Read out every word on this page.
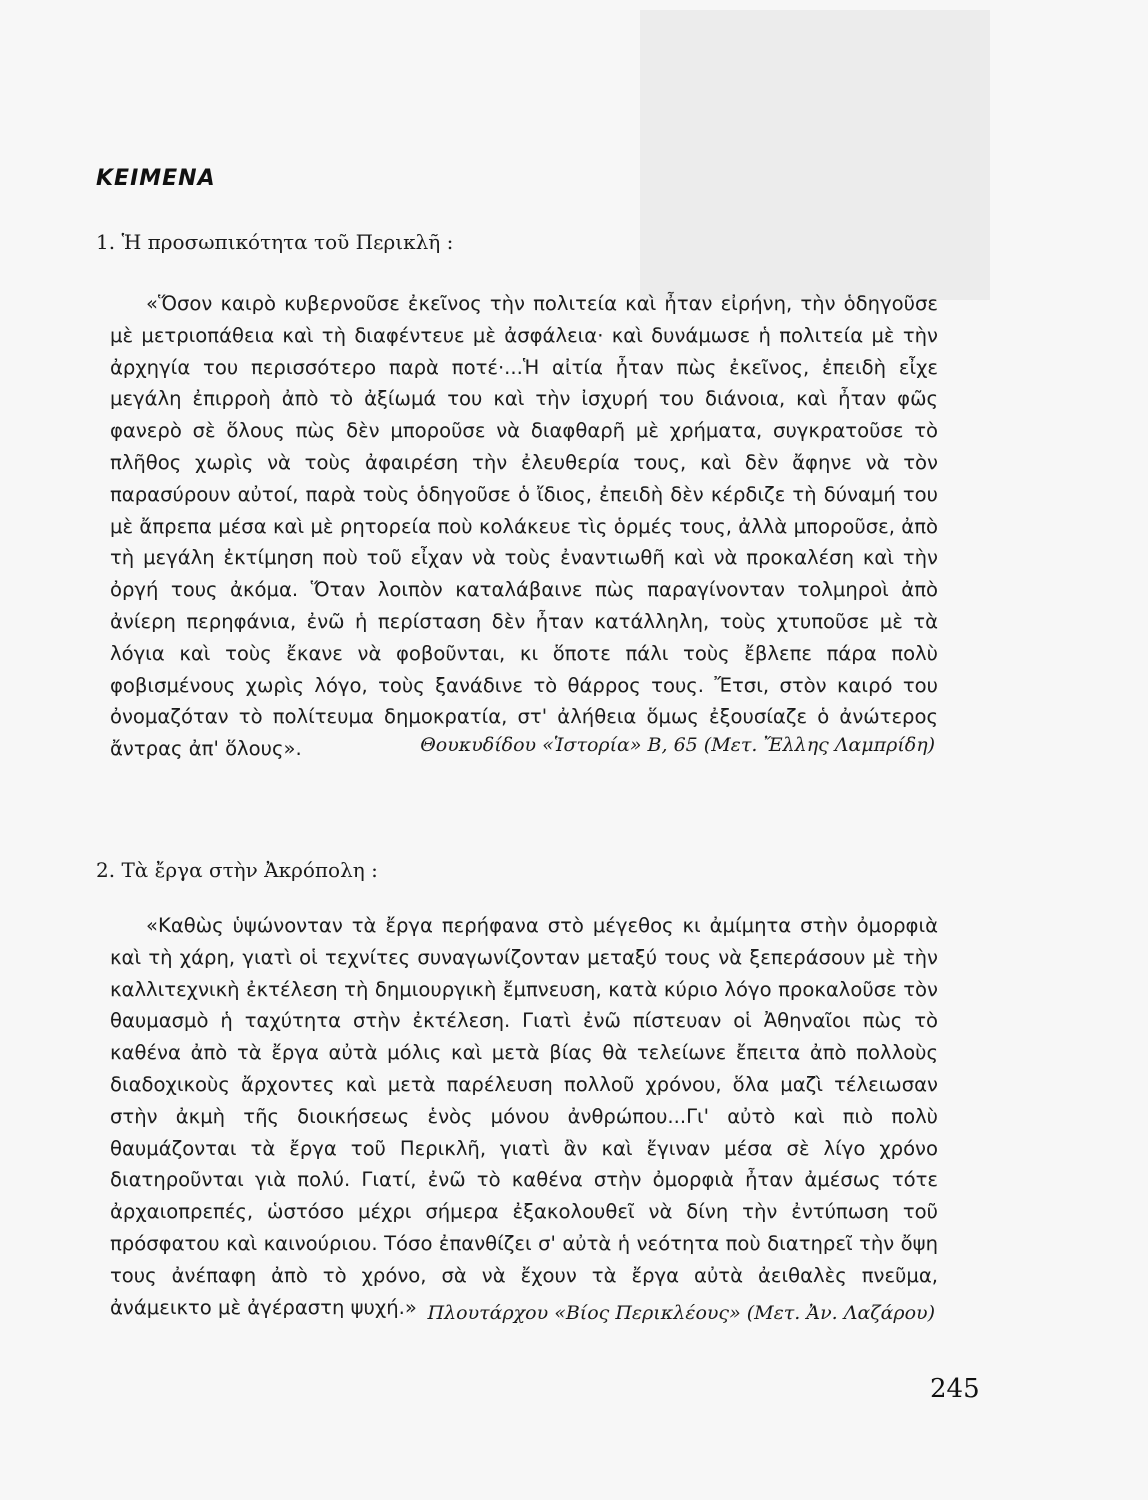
KEIMENA
1. Ἡ προσωπικότητα τοῦ Περικλῆ :

«Ὅσον καιρὸ κυβερνοῦσε ἐκεῖνος τὴν πολιτεία καὶ ἦταν εἰρήνη, τὴν ὁδηγοῦσε μὲ μετριοπάθεια καὶ τὴ διαφέντευε μὲ ἀσφάλεια· καὶ δυνάμωσε ἡ πολιτεία μὲ τὴν ἀρχηγία του περισσότερο παρὰ ποτέ·...Ἡ αἰτία ἦταν πὼς ἐκεῖνος, ἐπειδὴ εἶχε μεγάλη ἐπιρροὴ ἀπὸ τὸ ἀξίωμά του καὶ τὴν ἰσχυρή του διάνοια, καὶ ἦταν φῶς φανερὸ σὲ ὅλους πὼς δὲν μποροῦσε νὰ διαφθαρῆ μὲ χρήματα, συγκρατοῦσε τὸ πλῆθος χωρὶς νὰ τοὺς ἀφαιρέση τὴν ἐλευθερία τους, καὶ δὲν ἄφηνε νὰ τὸν παρασύρουν αὐτοί, παρὰ τοὺς ὁδηγοῦσε ὁ ἴδιος, ἐπειδὴ δὲν κέρδιζε τὴ δύναμή του μὲ ἄπρεπα μέσα καὶ μὲ ρητορεία ποὺ κολάκευε τὶς ὁρμές τους, ἀλλὰ μποροῦσε, ἀπὸ τὴ μεγάλη ἐκτίμηση ποὺ τοῦ εἶχαν νὰ τοὺς ἐναντιωθῆ καὶ νὰ προκαλέση καὶ τὴν ὀργή τους ἀκόμα. Ὅταν λοιπὸν καταλάβαινε πὼς παραγίνονταν τολμηροὶ ἀπὸ ἀνίερη περηφάνια, ἐνῶ ἡ περίσταση δὲν ἦταν κατάλληλη, τοὺς χτυποῦσε μὲ τὰ λόγια καὶ τοὺς ἔκανε νὰ φοβοῦνται, κι ὅποτε πάλι τοὺς ἔβλεπε πάρα πολὺ φοβισμένους χωρὶς λόγο, τοὺς ξανάδινε τὸ θάρρος τους. Ἔτσι, στὸν καιρό του ὀνομαζόταν τὸ πολίτευμα δημοκρατία, στ' ἀλήθεια ὅμως ἐξουσίαζε ὁ ἀνώτερος ἄντρας ἀπ' ὅλους».	Θουκυδίδου «Ἱστορία» Β, 65 (Μετ. Ἔλλης Λαμπρίδη)
2. Τὰ ἔργα στὴν Ἀκρόπολη :

«Καθὼς ὑψώνονταν τὰ ἔργα περήφανα στὸ μέγεθος κι ἀμίμητα στὴν ὀμορφιὰ καὶ τὴ χάρη, γιατὶ οἱ τεχνίτες συναγωνίζονταν μεταξύ τους νὰ ξεπεράσουν μὲ τὴν καλλιτεχνικὴ ἐκτέλεση τὴ δημιουργικὴ ἔμπνευση, κατὰ κύριο λόγο προκαλοῦσε τὸν θαυμασμὸ ἡ ταχύτητα στὴν ἐκτέλεση. Γιατὶ ἐνῶ πίστευαν οἱ Ἀθηναῖοι πὼς τὸ καθένα ἀπὸ τὰ ἔργα αὐτὰ μόλις καὶ μετὰ βίας θὰ τελείωνε ἔπειτα ἀπὸ πολλοὺς διαδοχικοὺς ἄρχοντες καὶ μετὰ παρέλευση πολλοῦ χρόνου, ὅλα μαζὶ τέλειωσαν στὴν ἀκμὴ τῆς διοικήσεως ἑνὸς μόνου ἀνθρώπου...Γι' αὐτὸ καὶ πιὸ πολὺ θαυμάζονται τὰ ἔργα τοῦ Περικλῆ, γιατὶ ἂν καὶ ἔγιναν μέσα σὲ λίγο χρόνο διατηροῦνται γιὰ πολύ. Γιατί, ἐνῶ τὸ καθένα στὴν ὀμορφιὰ ἦταν ἀμέσως τότε ἀρχαιοπρεπές, ὡστόσο μέχρι σήμερα ἐξακολουθεῖ νὰ δίνη τὴν ἐντύπωση τοῦ πρόσφατου καὶ καινούριου. Τόσο ἐπανθίζει σ' αὐτὰ ἡ νεότητα ποὺ διατηρεῖ τὴν ὄψη τους ἀνέπαφη ἀπὸ τὸ χρόνο, σὰ νὰ ἔχουν τὰ ἔργα αὐτὰ ἀειθαλὲς πνεῦμα, ἀνάμεικτο μὲ ἀγέραστη ψυχή.» Πλουτάρχου «Βίος Περικλέους» (Μετ. Ἀν. Λαζάρου)
245
